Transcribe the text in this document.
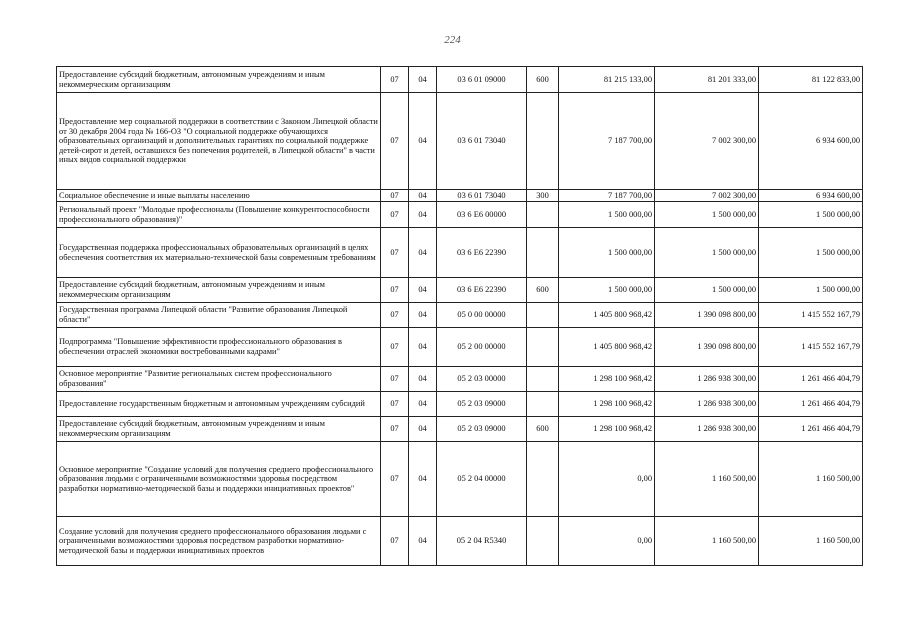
224
Предоставление субсидий бюджетным, автономным учреждениям и иным некоммерческим организациям	07	04	03 6 01 09000	600	81 215 133,00	81 201 333,00	81 122 833,00
Предоставление мер социальной поддержки в соответствии с Законом Липецкой области от 30 декабря 2004 года № 166-ОЗ "О социальной поддержке обучающихся образовательных организаций и дополнительных гарантиях по социальной поддержке детей-сирот и детей, оставшихся без попечения родителей, в Липецкой области" в части иных видов социальной поддержки	07	04	03 6 01 73040		7 187 700,00	7 002 300,00	6 934 600,00
Социальное обеспечение и иные выплаты населению	07	04	03 6 01 73040	300	7 187 700,00	7 002 300,00	6 934 600,00
Региональный проект "Молодые профессионалы (Повышение конкурентоспособности профессионального образования)"	07	04	03 6 E6 00000		1 500 000,00	1 500 000,00	1 500 000,00
Государственная поддержка профессиональных образовательных организаций в целях обеспечения соответствия их материально-технической базы современным требованиям	07	04	03 6 E6 22390		1 500 000,00	1 500 000,00	1 500 000,00
Предоставление субсидий бюджетным, автономным учреждениям и иным некоммерческим организациям	07	04	03 6 E6 22390	600	1 500 000,00	1 500 000,00	1 500 000,00
Государственная программа Липецкой области "Развитие образования Липецкой области"	07	04	05 0 00 00000		1 405 800 968,42	1 390 098 800,00	1 415 552 167,79
Подпрограмма "Повышение эффективности профессионального образования в обеспечении отраслей экономики востребованными кадрами"	07	04	05 2 00 00000		1 405 800 968,42	1 390 098 800,00	1 415 552 167,79
Основное мероприятие "Развитие региональных систем профессионального образования"	07	04	05 2 03 00000		1 298 100 968,42	1 286 938 300,00	1 261 466 404,79
Предоставление государственным бюджетным и автономным учреждениям субсидий	07	04	05 2 03 09000		1 298 100 968,42	1 286 938 300,00	1 261 466 404,79
Предоставление субсидий бюджетным, автономным учреждениям и иным некоммерческим организациям	07	04	05 2 03 09000	600	1 298 100 968,42	1 286 938 300,00	1 261 466 404,79
Основное мероприятие "Создание условий для получения среднего профессионального образования людьми с ограниченными возможностями здоровья посредством разработки нормативно-методической базы и поддержки инициативных проектов"	07	04	05 2 04 00000		0,00	1 160 500,00	1 160 500,00
Создание условий для получения среднего профессионального образования людьми с ограниченными возможностями здоровья посредством разработки нормативно-методической базы и поддержки инициативных проектов	07	04	05 2 04 R5340		0,00	1 160 500,00	1 160 500,00
